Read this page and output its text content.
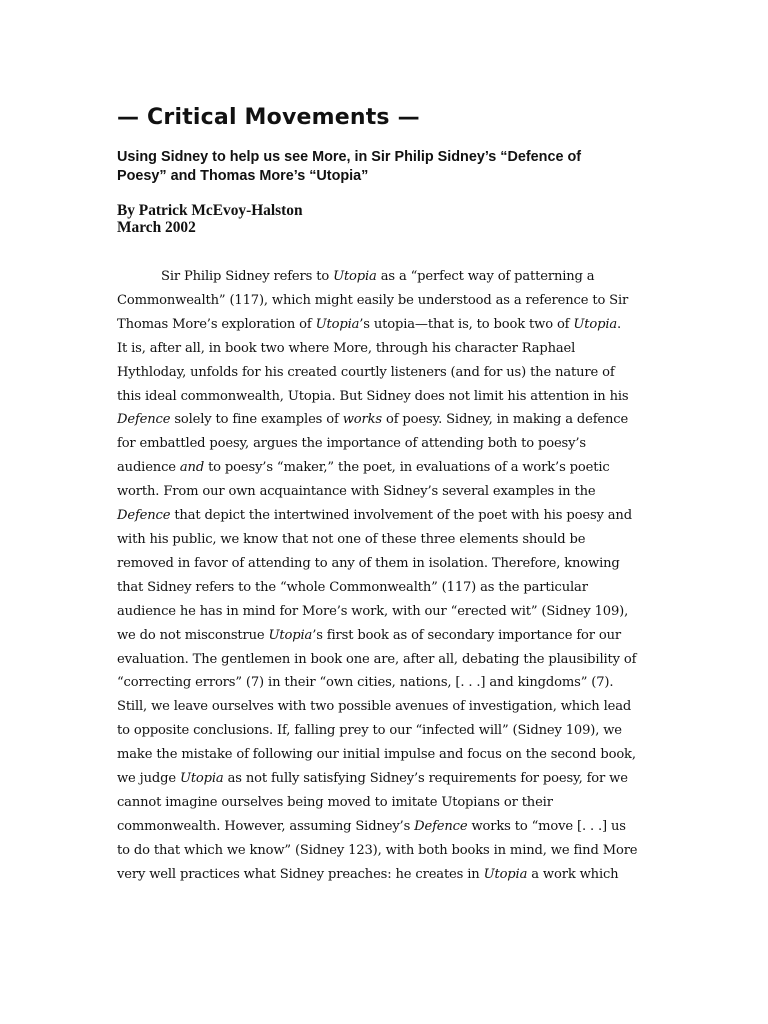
— Critical Movements —
Using Sidney to help us see More, in Sir Philip Sidney’s “Defence of
Poesy” and Thomas More’s “Utopia”
By Patrick McEvoy-Halston
March 2002
Sir Philip Sidney refers to Utopia as a “perfect way of patterning a
Commonwealth” (117), which might easily be understood as a reference to Sir
Thomas More’s exploration of Utopia’s utopia—that is, to book two of Utopia.
It is, after all, in book two where More, through his character Raphael
Hythloday, unfolds for his created courtly listeners (and for us) the nature of
this ideal commonwealth, Utopia. But Sidney does not limit his attention in his
Defence solely to fine examples of works of poesy. Sidney, in making a defence
for embattled poesy, argues the importance of attending both to poesy’s
audience and to poesy’s “maker,” the poet, in evaluations of a work’s poetic
worth. From our own acquaintance with Sidney’s several examples in the
Defence that depict the intertwined involvement of the poet with his poesy and
with his public, we know that not one of these three elements should be
removed in favor of attending to any of them in isolation. Therefore, knowing
that Sidney refers to the “whole Commonwealth” (117) as the particular
audience he has in mind for More’s work, with our “erected wit” (Sidney 109),
we do not misconstrue Utopia’s first book as of secondary importance for our
evaluation. The gentlemen in book one are, after all, debating the plausibility of
“correcting errors” (7) in their “own cities, nations, [. . .] and kingdoms” (7).
Still, we leave ourselves with two possible avenues of investigation, which lead
to opposite conclusions. If, falling prey to our “infected will” (Sidney 109), we
make the mistake of following our initial impulse and focus on the second book,
we judge Utopia as not fully satisfying Sidney’s requirements for poesy, for we
cannot imagine ourselves being moved to imitate Utopians or their
commonwealth. However, assuming Sidney’s Defence works to “move [. . .] us
to do that which we know” (Sidney 123), with both books in mind, we find More
very well practices what Sidney preaches: he creates in Utopia a work which
